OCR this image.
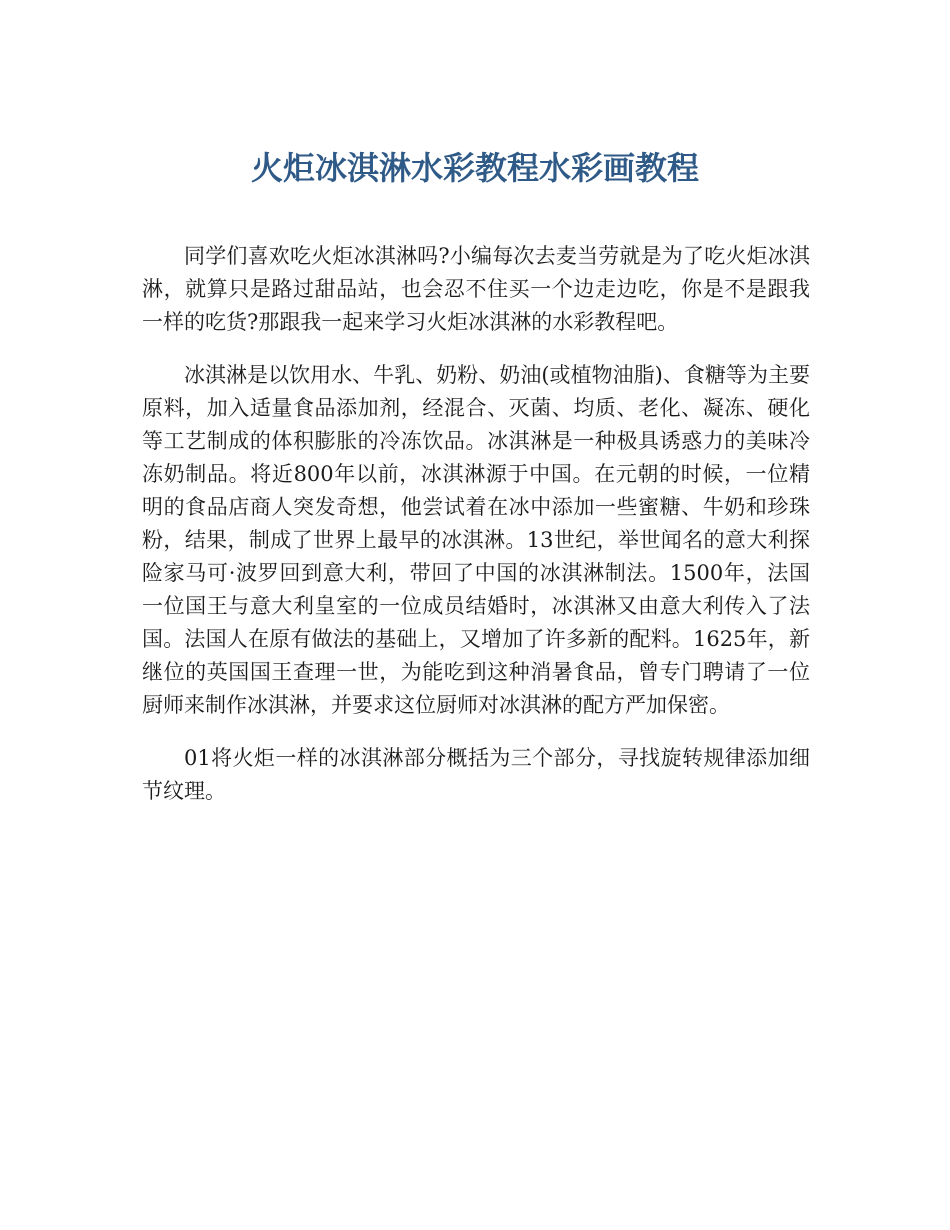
火炬冰淇淋水彩教程水彩画教程

同学们喜欢吃火炬冰淇淋吗?小编每次去麦当劳就是为了吃火炬冰淇淋，就算只是路过甜品站，也会忍不住买一个边走边吃，你是不是跟我一样的吃货?那跟我一起来学习火炬冰淇淋的水彩教程吧。

冰淇淋是以饮用水、牛乳、奶粉、奶油(或植物油脂)、食糖等为主要原料，加入适量食品添加剂，经混合、灭菌、均质、老化、凝冻、硬化等工艺制成的体积膨胀的冷冻饮品。冰淇淋是一种极具诱惑力的美味冷冻奶制品。将近800年以前，冰淇淋源于中国。在元朝的时候，一位精明的食品店商人突发奇想，他尝试着在冰中添加一些蜜糖、牛奶和珍珠粉，结果，制成了世界上最早的冰淇淋。13世纪，举世闻名的意大利探险家马可·波罗回到意大利，带回了中国的冰淇淋制法。1500年，法国一位国王与意大利皇室的一位成员结婚时，冰淇淋又由意大利传入了法国。法国人在原有做法的基础上，又增加了许多新的配料。1625年，新继位的英国国王查理一世，为能吃到这种消暑食品，曾专门聘请了一位厨师来制作冰淇淋，并要求这位厨师对冰淇淋的配方严加保密。

01将火炬一样的冰淇淋部分概括为三个部分，寻找旋转规律添加细节纹理。
